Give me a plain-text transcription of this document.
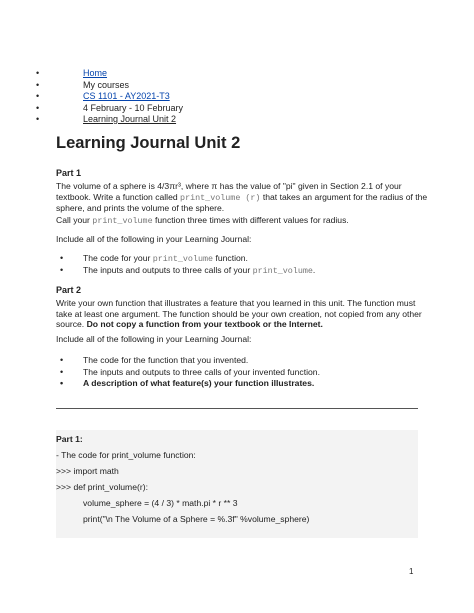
• Home
• My courses
• CS 1101 - AY2021-T3
• 4 February - 10 February
• Learning Journal Unit 2
Learning Journal Unit 2
Part 1

The volume of a sphere is 4/3πr³, where π has the value of "pi" given in Section 2.1 of your textbook. Write a function called print_volume (r) that takes an argument for the radius of the sphere, and prints the volume of the sphere.

Call your print_volume function three times with different values for radius.

Include all of the following in your Learning Journal:

• The code for your print_volume function.
• The inputs and outputs to three calls of your print_volume.
Part 2

Write your own function that illustrates a feature that you learned in this unit. The function must take at least one argument. The function should be your own creation, not copied from any other source. Do not copy a function from your textbook or the Internet.

Include all of the following in your Learning Journal:

• The code for the function that you invented.
• The inputs and outputs to three calls of your invented function.
• A description of what feature(s) your function illustrates.
Part 1:
- The code for print_volume function:
>>> import math
>>> def print_volume(r):
volume_sphere = (4 / 3) * math.pi * r ** 3
print("\n The Volume of a Sphere = %.3f" %volume_sphere)
1
